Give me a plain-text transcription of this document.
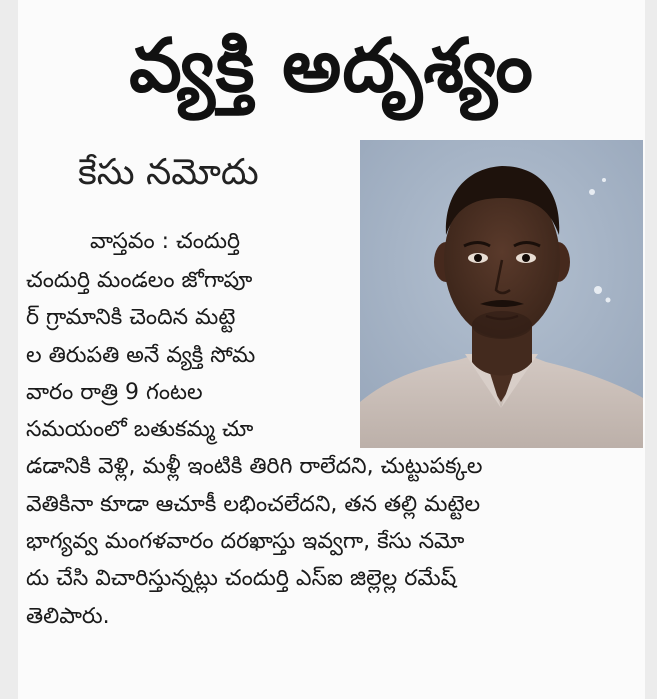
వ్యక్తి అదృశ్యం
కేసు నమోదు
వాస్తవం : చందుర్తి
చందుర్తి మండలం జోగాపూ
ర్ గ్రామానికి చెందిన మట్టె
ల తిరుపతి అనే వ్యక్తి సోమ
వారం రాత్రి 9 గంటల
సమయంలో బతుకమ్మ చూ
డడానికి వెళ్లి, మళ్లీ ఇంటికి తిరిగి రాలేదని, చుట్టుపక్కల
వెతికినా కూడా ఆచూకీ లభించలేదని, తన తల్లి మట్టెల
భాగ్యవ్వ మంగళవారం దరఖాస్తు ఇవ్వగా, కేసు నమో
దు చేసి విచారిస్తున్నట్లు చందుర్తి ఎస్ఐ జిల్లెల్ల రమేష్
తెలిపారు.
